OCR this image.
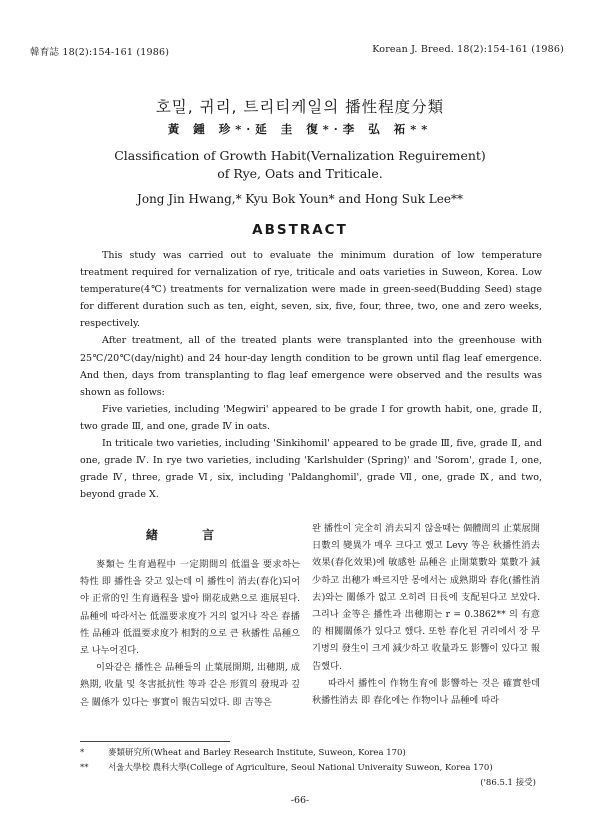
韓育誌 18(2):154-161 (1986)	Korean J. Breed. 18(2):154-161 (1986)
호밀, 귀리, 트리티케일의 播性程度分類
黃 鍾 珍*·延 圭 復*·李 弘 祏**
Classification of Growth Habit(Vernalization Reguirement)
of Rye, Oats and Triticale.
Jong Jin Hwang,* Kyu Bok Youn* and Hong Suk Lee**
ABSTRACT

This study was carried out to evaluate the minimum duration of low temperature treatment required for vernalization of rye, triticale and oats varieties in Suweon, Korea. Low temperature(4℃) treatments for vernalization were made in green-seed(Budding Seed) stage for different duration such as ten, eight, seven, six, five, four, three, two, one and zero weeks, respectively.

After treatment, all of the treated plants were transplanted into the greenhouse with 25℃/20℃(day/night) and 24 hour-day length condition to be grown until flag leaf emergence. And then, days from transplanting to flag leaf emergence were observed and the results was shown as follows:

Five varieties, including 'Megwiri' appeared to be grade Ⅰ for growth habit, one, grade Ⅱ, two grade Ⅲ, and one, grade Ⅳ in oats.

In triticale two varieties, including 'Sinkihomil' appeared to be grade Ⅲ, five, grade Ⅱ, and one, grade Ⅳ. In rye two varieties, including 'Karlshulder (Spring)' and 'Sorom', grade Ⅰ, one, grade Ⅳ, three, grade Ⅵ, six, including 'Paldanghomil', grade Ⅶ, one, grade Ⅸ, and two, beyond grade Ⅹ.

緖 言

麥類는 生育過程中 一定期間의 低溫을 要求하는 特性 即 播性을 갖고 있는데 이 播性이 消去(春化)되어야 正常的인 生育過程을 밟아 開花成熟으로 進展된다. 品種에 따라서는 低溫要求度가 거의 없거나 작은 春播性 品種과 低溫要求度가 相對的으로 큰 秋播性 品種으로 나누어진다.

이와같은 播性은 品種들의 止葉展開期, 出穗期, 成熟期, 收量 및 冬害抵抗性 等과 같은 形質의 發現과 깊은 關係가 있다는 事實이 報告되었다. 即 吉等은

완 播性이 完全히 消去되지 않을때는 個體間의 止葉展開日數의 變異가 매우 크다고 했고 Levy 等은 秋播性消去效果(春化效果)에 敏感한 品種은 止開葉數와 葉數가 減少하고 出穗가 빠르지만 몽에서는 成熟期와 春化(播性消去)와는 關係가 없고 오히려 日長에 支配된다고 보았다. 그리나 金等은 播性과 出穗期는 r = 0.3862** 의 有意的 相關關係가 있다고 했다. 또한 春化된 귀리에서 장 무기병의 發生이 크게 減少하고 收量과도 影響이 있다고 報告했다.

따라서 播性이 作物生育에 影響하는 것은 確實한데 秋播性消去 即 春化에는 作物이나 品種에 따라

*	麥類研究所(Wheat and Barley Research Institute, Suweon, Korea 170)
** 서울大學校 農科大學(College of Agriculture, Seoul National Univeraity Suweon, Korea 170)
('86.5.1 接受)
-66-
